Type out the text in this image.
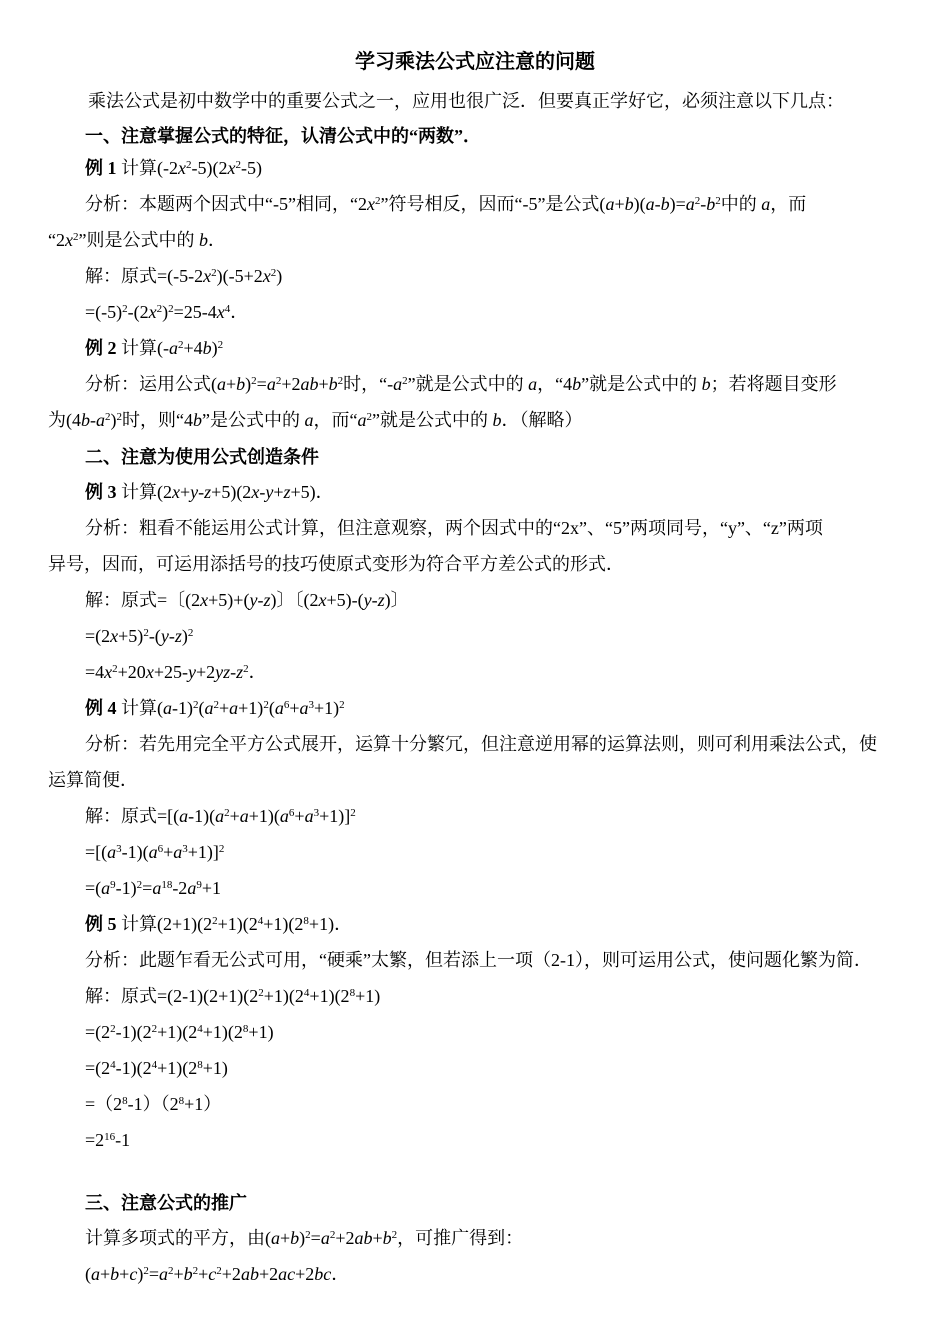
学习乘法公式应注意的问题
乘法公式是初中数学中的重要公式之一，应用也很广泛．但要真正学好它，必须注意以下几点：
一、注意掌握公式的特征，认清公式中的“两数”．
例 1 计算$(-2x^2-5)(2x^2-5)$
分析：本题两个因式中“-5”相同，“$2x^2$”符号相反，因而“-5”是公式$(a+b)(a-b)=a^2-b^2$中的 a，而
“$2x^2$”则是公式中的 b．
解：原式$=(-5-2x^2)(-5+2x^2)$
$=(-5)^2-(2x^2)^2=25-4x^4$．
例 2 计算$(-a^2+4b)^2$
分析：运用公式$(a+b)^2=a^2+2ab+b^2$时，“$-a^2$”就是公式中的 a，“4b”就是公式中的 b；若将题目变形
为$(4b-a^2)^2$时，则“4b”是公式中的 a，而“$a^2$”就是公式中的 b．（解略）
二、注意为使用公式创造条件
例 3 计算(2x+y-z+5)(2x-y+z+5)．
分析：粗看不能运用公式计算，但注意观察，两个因式中的“2x”、“5”两项同号，“y”、“z”两项
异号，因而，可运用添括号的技巧使原式变形为符合平方差公式的形式．
解：原式=〔(2x+5)+(y-z)〕〔(2x+5)-(y-z)〕
$=(2x+5)^2-(y-z)^2$
$=4x^2+20x+25-y+2yz-z^2$．
例 4 计算$(a-1)^2(a^2+a+1)^2(a^6+a^3+1)^2$
分析：若先用完全平方公式展开，运算十分繁冗，但注意逆用幂的运算法则，则可利用乘法公式，使
运算简便．
解：原式$=[(a-1)(a^2+a+1)(a^6+a^3+1)]^2$
$=[(a^3-1)(a^6+a^3+1)]^2$
$=(a^9-1)^2=a^{18}-2a^9+1$
例 5 计算$(2+1)(2^2+1)(2^4+1)(2^8+1)$．
分析：此题乍看无公式可用，“硬乘”太繁，但若添上一项（2-1），则可运用公式，使问题化繁为简．
解：原式$=(2-1)(2+1)(2^2+1)(2^4+1)(2^8+1)$
$=(2^2-1)(2^2+1)(2^4+1)(2^8+1)$
$=(2^4-1)(2^4+1)(2^8+1)$
$=(2^8-1)(2^8+1)$
$=2^{16}-1$
三、注意公式的推广
计算多项式的平方，由$(a+b)^2=a^2+2ab+b^2$，可推广得到：
$(a+b+c)^2=a^2+b^2+c^2+2ab+2ac+2bc$．
